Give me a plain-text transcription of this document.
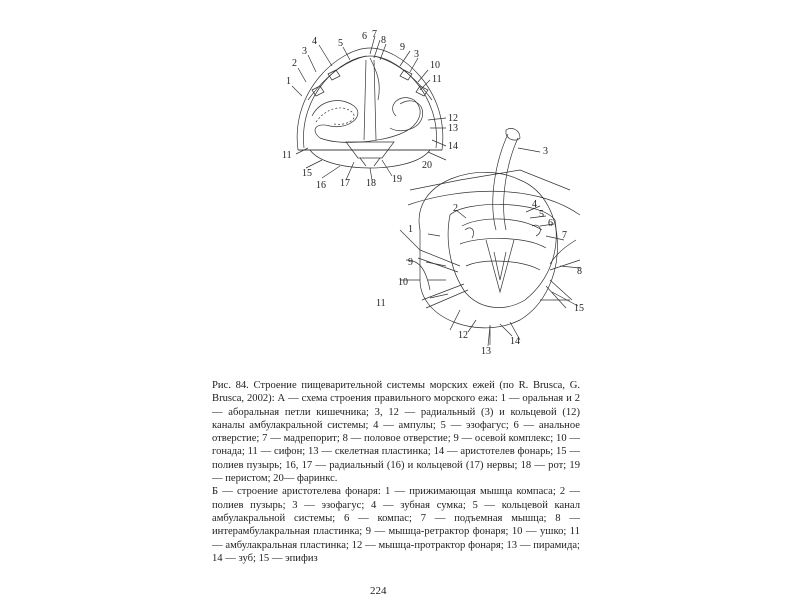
4
3
2
1
5
6 7
8
9
3
10
11
12
13
14
20
19
18
17
16
15
11	3
4
5
6
7
2
1
9
10
11
8
15
12
13
14

Рис. 84. Строение пищеварительной системы морских ежей (по R. Brusca, G. Brusca, 2002): А — схема строения правильного морского ежа: 1 — оральная и 2 — аборальная петли кишечника; 3, 12 — радиальный (3) и кольцевой (12) каналы амбулакральной системы; 4 — ампулы; 5 — эзофагус; 6 — анальное отверстие; 7 — мадрепорит; 8 — половое отверстие; 9 — осевой комплекс; 10 — гонада; 11 — сифон; 13 — скелетная пластинка; 14 — аристотелев фонарь; 15 — полиев пузырь; 16, 17 — радиальный (16) и кольцевой (17) нервы; 18 — рот; 19 — перистом; 20— фаринкс.

Б — строение аристотелева фонаря: 1 — прижимающая мышца компаса; 2 — полиев пузырь; 3 — эзофагус; 4 — зубная сумка; 5 — кольцевой канал амбулакральной системы; 6 — компас; 7 — подъемная мышца; 8 — интерамбулакральная пластинка; 9 — мышца-ретрактор фонаря; 10 — ушко; 11 — амбулакральная пластинка; 12 — мышца-протрактор фонаря; 13 — пирамида; 14 — зуб; 15 — эпифиз

224
